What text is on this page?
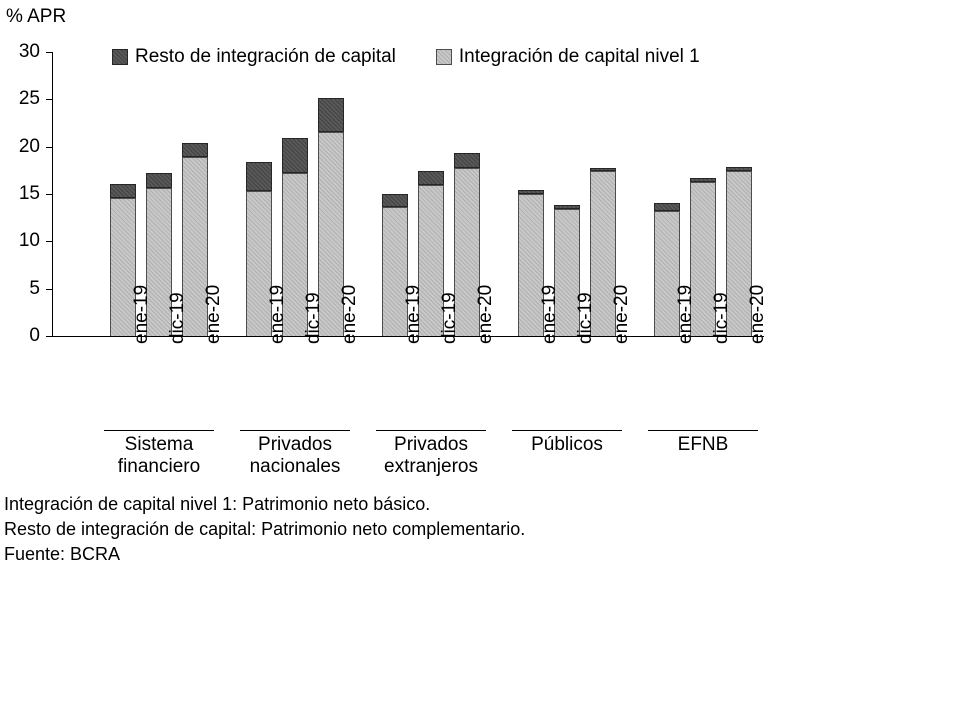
% APR
Resto de integración de capital	Integración de capital nivel 1
0
5
10
15
20
25
30
ene-19 dic-19 ene-20 ene-19 dic-19 ene-20 ene-19 dic-19 ene-20 ene-19 dic-19 ene-20 ene-19 dic-19 ene-20
Sistema
financiero
Privados
nacionales
Privados
extranjeros
Públicos	EFNB
Integración de capital nivel 1: Patrimonio neto básico.
Resto de integración de capital: Patrimonio neto complementario.
Fuente: BCRA
